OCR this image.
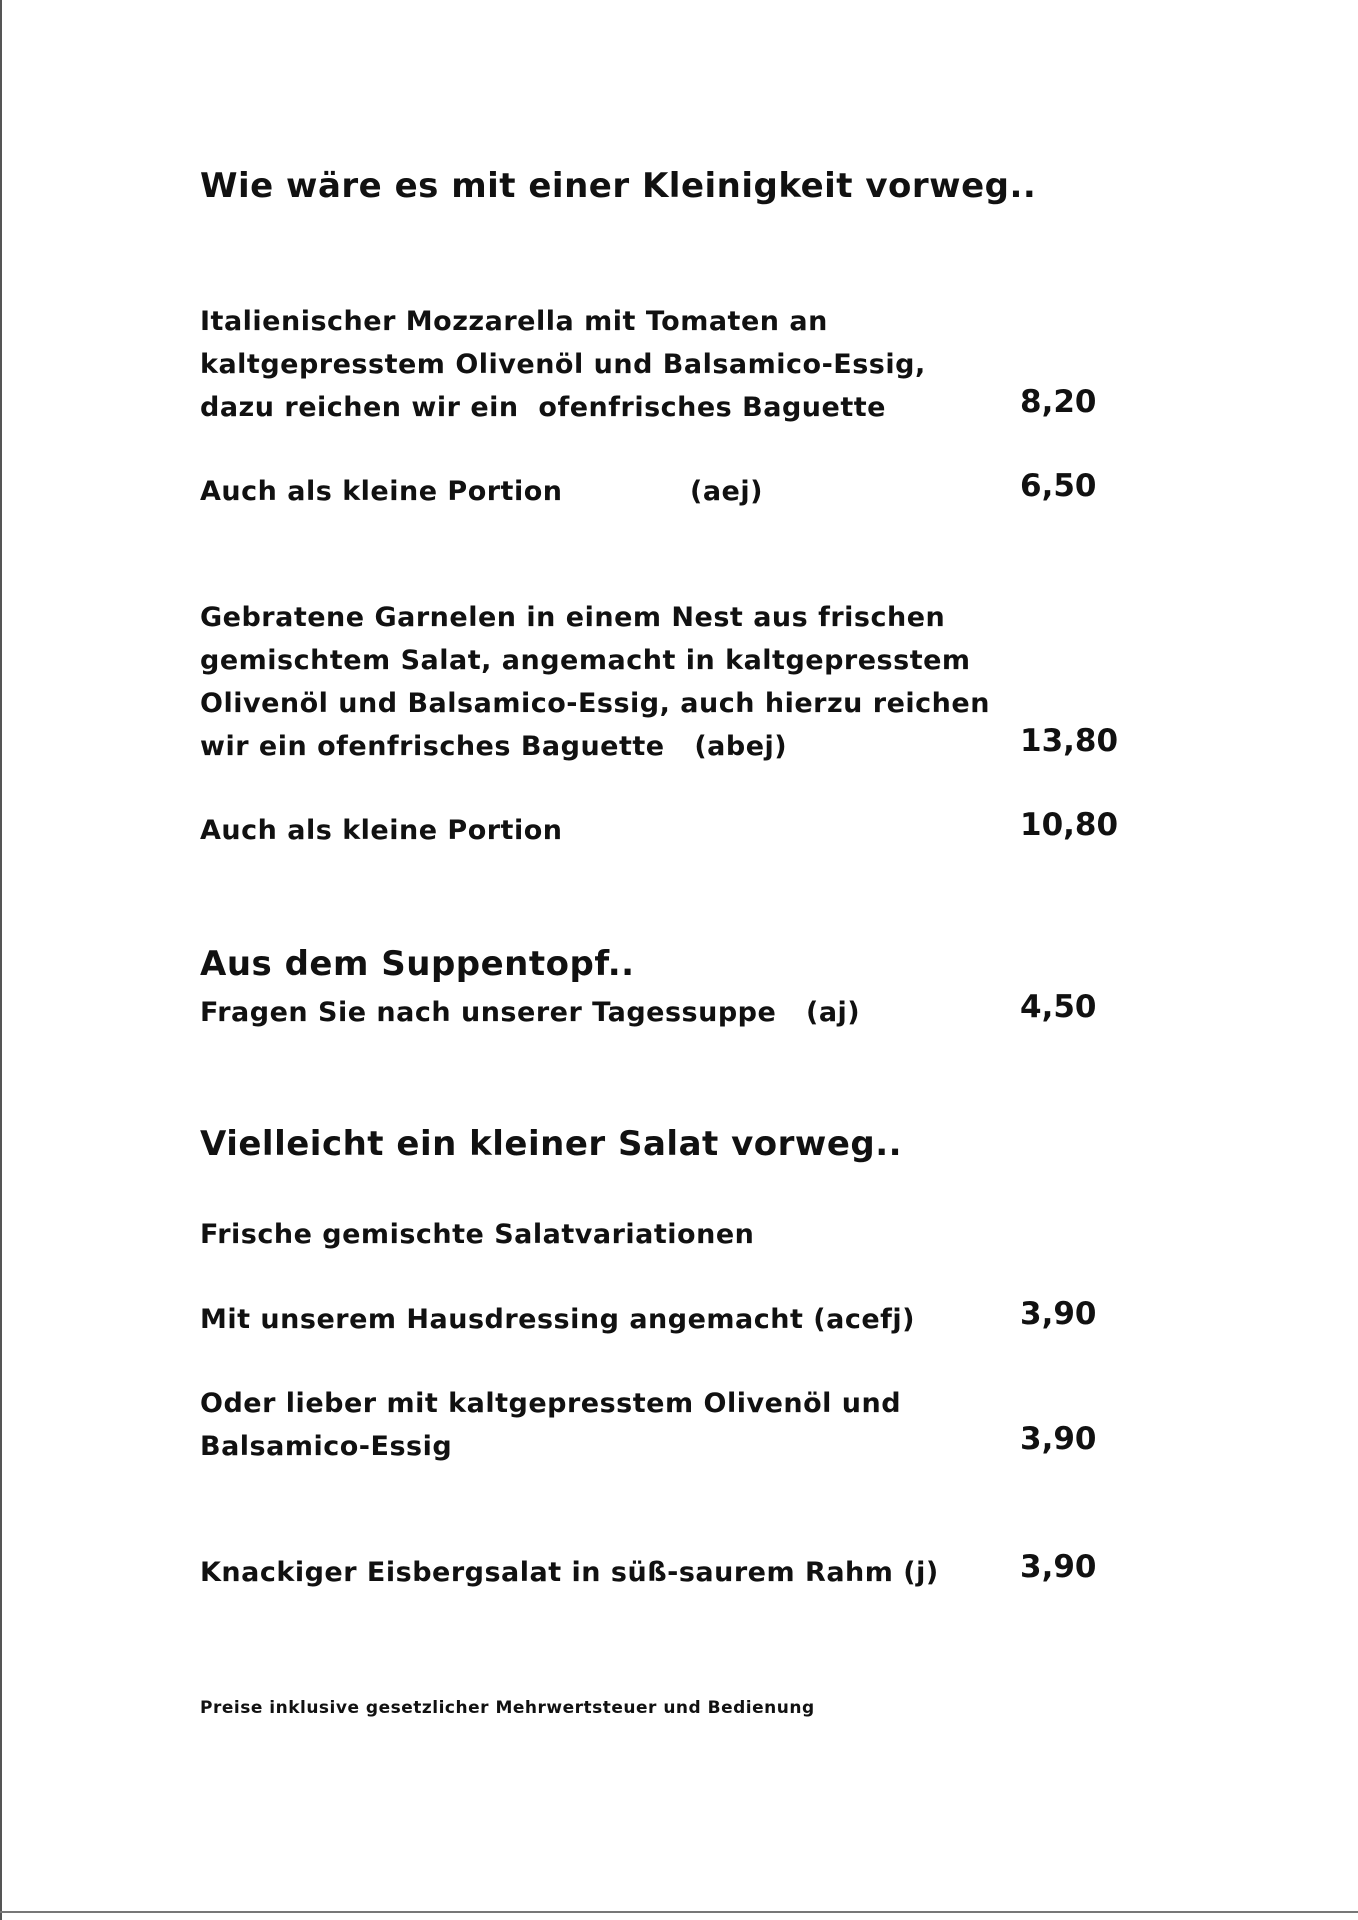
Wie wäre es mit einer Kleinigkeit vorweg..
Italienischer Mozzarella mit Tomaten an
kaltgepresstem Olivenöl und Balsamico-Essig,
dazu reichen wir ein  ofenfrisches Baguette	8,20
Auch als kleine Portion	(aej)	6,50
Gebratene Garnelen in einem Nest aus frischen
gemischtem Salat, angemacht in kaltgepresstem
Olivenöl und Balsamico-Essig, auch hierzu reichen
wir ein ofenfrisches Baguette   (abej)	13,80
Auch als kleine Portion	10,80
Aus dem Suppentopf..
Fragen Sie nach unserer Tagessuppe   (aj)	4,50
Vielleicht ein kleiner Salat vorweg..
Frische gemischte Salatvariationen
Mit unserem Hausdressing angemacht (acefj)	3,90
Oder lieber mit kaltgepresstem Olivenöl und
Balsamico-Essig	3,90
Knackiger Eisbergsalat in süß-saurem Rahm (j)	3,90
Preise inklusive gesetzlicher Mehrwertsteuer und Bedienung
